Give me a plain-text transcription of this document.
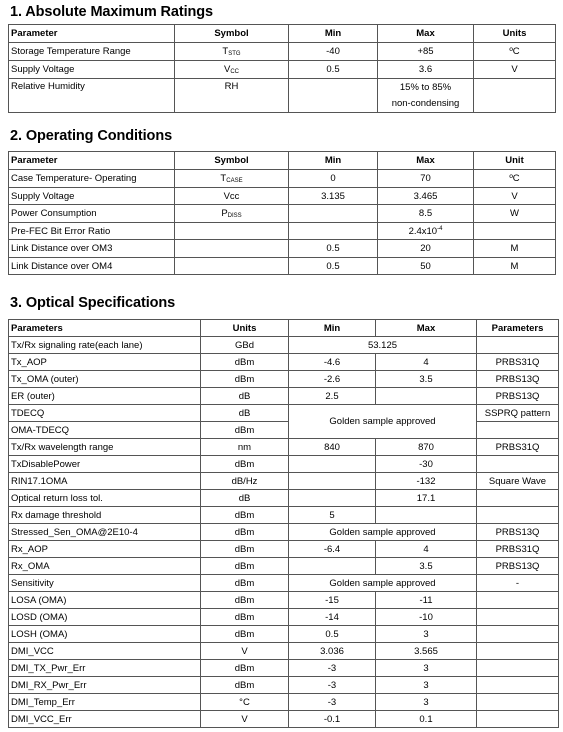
1. Absolute Maximum Ratings
Parameter	Symbol	Min	Max	Units
Storage Temperature Range	$T_{STG}$	-40	+85	ºC
Supply Voltage	$V_{CC}$	0.5	3.6	V
Relative Humidity	RH		15% to 85%	
			non-condensing	
2. Operating Conditions
Parameter	Symbol	Min	Max	Unit
Case Temperature- Operating	$T_{CASE}$	0	70	ºC
Supply Voltage	Vcc	3.135	3.465	V
Power Consumption	$P_{DISS}$		8.5	W
Pre-FEC Bit Error Ratio			$2.4x10^{-4}$	
Link Distance over OM3		0.5	20	M
Link Distance over OM4		0.5	50	M
3. Optical Specifications
Parameters	Units	Min	Max	Parameters
Tx/Rx signaling rate(each lane)	GBd	53.125		
Tx_AOP	dBm	-4.6	4	PRBS31Q
Tx_OMA (outer)	dBm	-2.6	3.5	PRBS13Q
ER (outer)	dB	2.5		PRBS13Q
TDECQ	dB	Golden sample approved		SSPRQ pattern
OMA-TDECQ	dBm			
Tx/Rx wavelength range	nm	840	870	PRBS31Q
TxDisablePower	dBm		-30	
RIN17.1OMA	dB/Hz		-132	Square Wave
Optical return loss tol.	dB		17.1	
Rx damage threshold	dBm	5		
Stressed_Sen_OMA@2E10-4	dBm	Golden sample approved		PRBS13Q
Rx_AOP	dBm	-6.4	4	PRBS31Q
Rx_OMA	dBm		3.5	PRBS13Q
Sensitivity	dBm	Golden sample approved		-
LOSA (OMA)	dBm	-15	-11	
LOSD (OMA)	dBm	-14	-10	
LOSH (OMA)	dBm	0.5	3	
DMI_VCC	V	3.036	3.565	
DMI_TX_Pwr_Err	dBm	-3	3	
DMI_RX_Pwr_Err	dBm	-3	3	
DMI_Temp_Err	°C	-3	3	
DMI_VCC_Err	V	-0.1	0.1	
